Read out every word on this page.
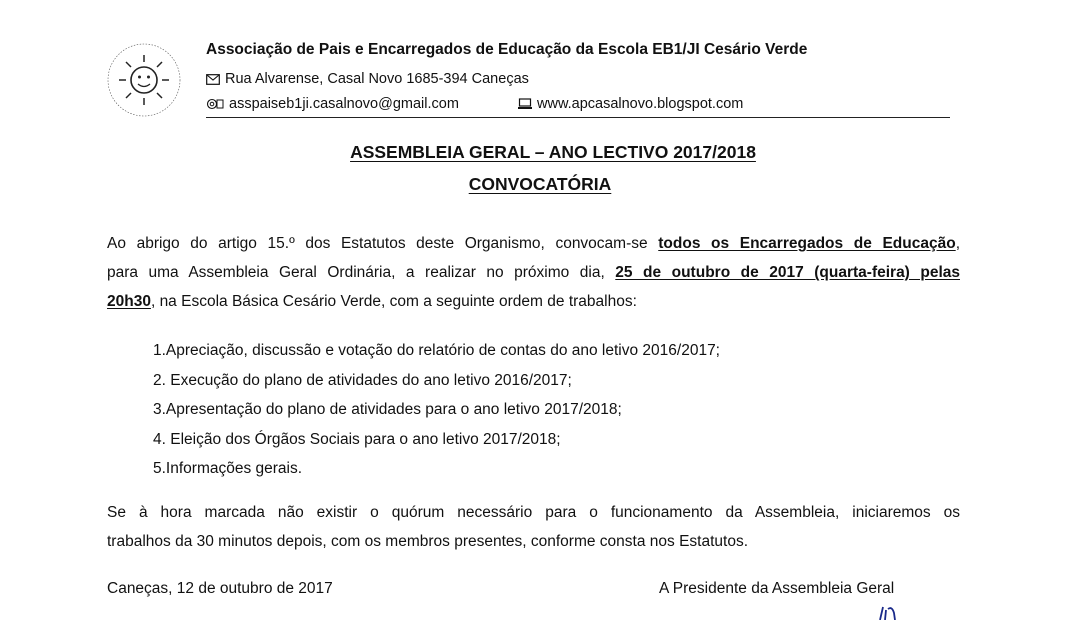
Associação de Pais e Encarregados de Educação da Escola EB1/JI Cesário Verde
Rua Alvarense, Casal Novo 1685-394 Caneças
asspaiseb1ji.casalnovo@gmail.com	www.apcasalnovo.blogspot.com
ASSEMBLEIA GERAL – ANO LECTIVO 2017/2018
CONVOCATÓRIA
Ao abrigo do artigo 15.º dos Estatutos deste Organismo, convocam-se todos os Encarregados de Educação,
para uma Assembleia Geral Ordinária, a realizar no próximo dia, 25 de outubro de 2017 (quarta-feira) pelas
20h30, na Escola Básica Cesário Verde, com a seguinte ordem de trabalhos:
1.Apreciação, discussão e votação do relatório de contas do ano letivo 2016/2017;
2. Execução do plano de atividades do ano letivo 2016/2017;
3.Apresentação do plano de atividades para o ano letivo 2017/2018;
4. Eleição dos Órgãos Sociais para o ano letivo 2017/2018;
5.Informações gerais.
Se à hora marcada não existir o quórum necessário para o funcionamento da Assembleia, iniciaremos os
trabalhos da 30 minutos depois, com os membros presentes, conforme consta nos Estatutos.
Caneças, 12 de outubro de 2017	A Presidente da Assembleia Geral
